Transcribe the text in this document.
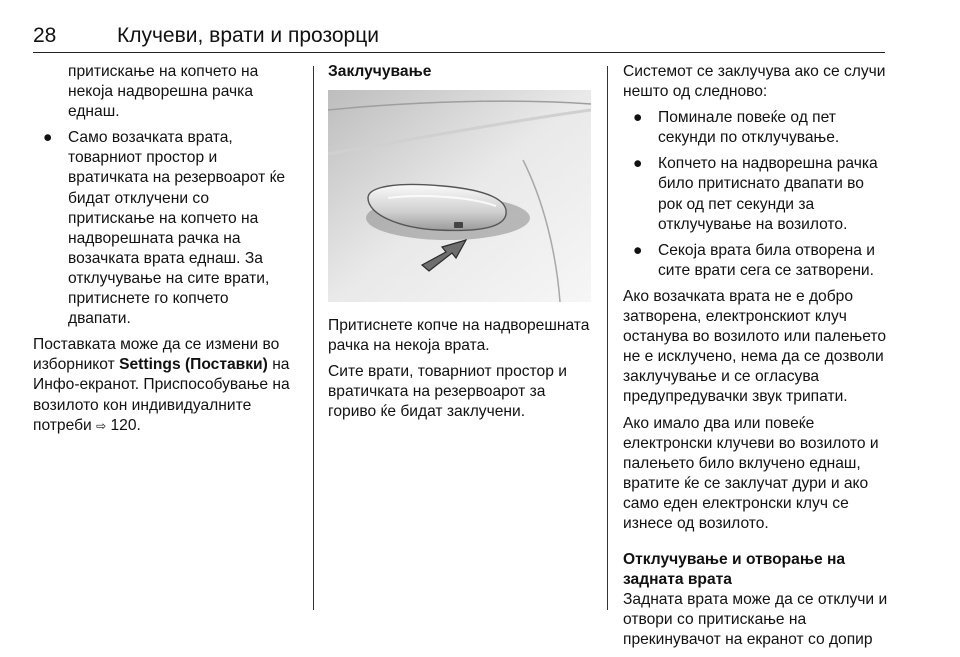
28	Клучеви, врати и прозорци

притискање на копчето на некоја надворешна рачка еднаш.

● Само возачката врата, товарниот простор и вратичката на резервоарот ќе бидат отклучени со притискање на копчето на надворешната рачка на возачката врата еднаш. За отклучување на сите врати, притиснете го копчето двапати.

Поставката може да се измени во изборникот Settings (Поставки) на Инфо-екранот. Приспособување на возилото кон индивидуалните потреби ⇨ 120.

Заклучување

Притиснете копче на надворешната рачка на некоја врата.

Сите врати, товарниот простор и вратичката на резервоарот за гориво ќе бидат заклучени.

Системот се заклучува ако се случи нешто од следново:

● Поминале повеќе од пет секунди по отклучување.
● Копчето на надворешна рачка било притиснато двапати во рок од пет секунди за отклучување на возилото.
● Секоја врата била отворена и сите врати сега се затворени.

Ако возачката врата не е добро затворена, електронскиот клуч останува во возилото или палењето не е исклучено, нема да се дозволи заклучување и се огласува предупредувачки звук трипати.

Ако имало два или повеќе електронски клучеви во возилото и палењето било вклучено еднаш, вратите ќе се заклучат дури и ако само еден електронски клуч се изнесе од возилото.

Отклучување и отворање на задната врата

Задната врата може да се отклучи и отвори со притискање на прекинувачот на екранот со допир
